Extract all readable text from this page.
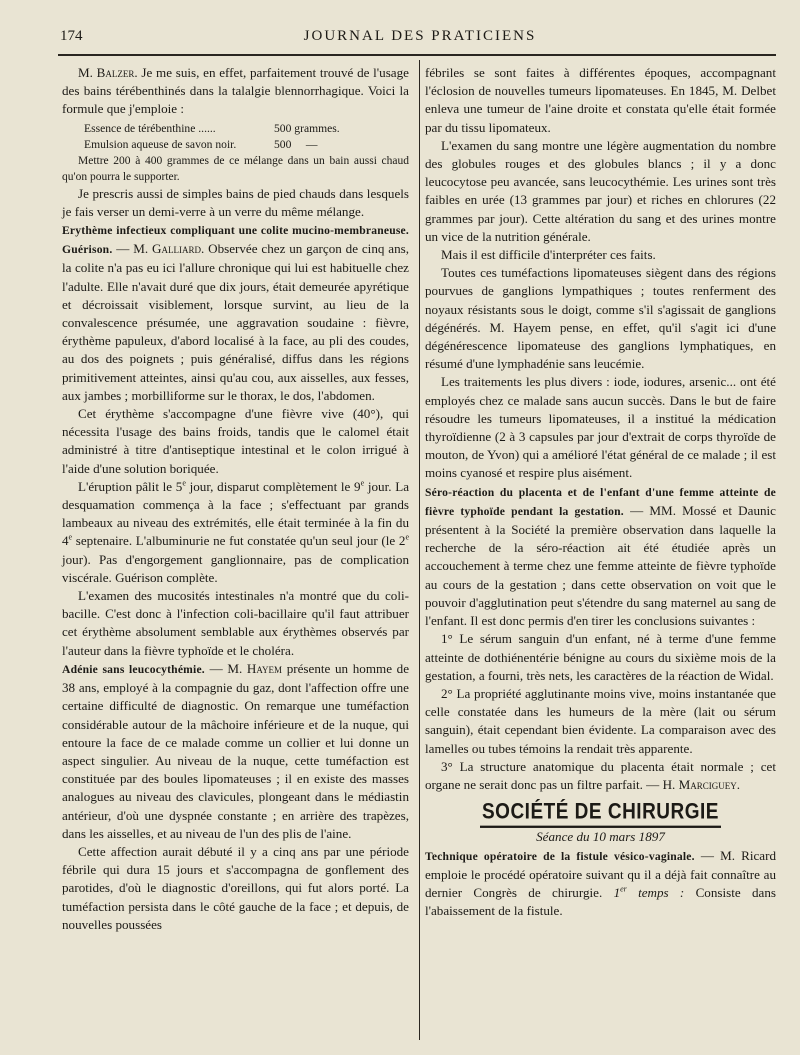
174	JOURNAL DES PRATICIENS

M. Balzer. Je me suis, en effet, parfaitement trouvé de l'usage des bains térébenthinés dans la talalgie blennorrhagique. Voici la formule que j'emploie :

Essence de térébenthine ......	500 grammes.
Emulsion aqueuse de savon noir.	500     —

Mettre 200 à 400 grammes de ce mélange dans un bain aussi chaud qu'on pourra le supporter.

Je prescris aussi de simples bains de pied chauds dans lesquels je fais verser un demi-verre à un verre du même mélange.

Erythème infectieux compliquant une colite mucino-membraneuse. Guérison. — M. Galliard. Observée chez un garçon de cinq ans, la colite n'a pas eu ici l'allure chronique qui lui est habituelle chez l'adulte. Elle n'avait duré que dix jours, était demeurée apyrétique et décroissait visiblement, lorsque survint, au lieu de la convalescence présumée, une aggravation soudaine : fièvre, érythème papuleux, d'abord localisé à la face, au pli des coudes, au dos des poignets ; puis généralisé, diffus dans les régions primitivement atteintes, ainsi qu'au cou, aux aisselles, aux fesses, aux jambes ; morbilliforme sur le thorax, le dos, l'abdomen.

Cet érythème s'accompagne d'une fièvre vive (40°), qui nécessita l'usage des bains froids, tandis que le calomel était administré à titre d'antiseptique intestinal et le colon irrigué à l'aide d'une solution boriquée.

L'éruption pâlit le 5e jour, disparut complètement le 9e jour. La desquamation commença à la face ; s'effectuant par grands lambeaux au niveau des extrémités, elle était terminée à la fin du 4e septenaire. L'albuminurie ne fut constatée qu'un seul jour (le 2e jour). Pas d'engorgement ganglionnaire, pas de complication viscérale. Guérison complète.

L'examen des mucosités intestinales n'a montré que du coli-bacille. C'est donc à l'infection coli-bacillaire qu'il faut attribuer cet érythème absolument semblable aux érythèmes observés par l'auteur dans la fièvre typhoïde et le choléra.

Adénie sans leucocythémie. — M. Hayem présente un homme de 38 ans, employé à la compagnie du gaz, dont l'affection offre une certaine difficulté de diagnostic. On remarque une tuméfaction considérable autour de la mâchoire inférieure et de la nuque, qui entoure la face de ce malade comme un collier et lui donne un aspect singulier. Au niveau de la nuque, cette tuméfaction est constituée par des boules lipomateuses ; il en existe des masses analogues au niveau des clavicules, plongeant dans le médiastin antérieur, d'où une dyspnée constante ; en arrière des trapèzes, dans les aisselles, et au niveau de l'un des plis de l'aine.

Cette affection aurait débuté il y a cinq ans par une période fébrile qui dura 15 jours et s'accompagna de gonflement des parotides, d'où le diagnostic d'oreillons, qui fut alors porté. La tuméfaction persista dans le côté gauche de la face ; et depuis, de nouvelles poussées

fébriles se sont faites à différentes époques, accompagnant l'éclosion de nouvelles tumeurs lipomateuses. En 1845, M. Delbet enleva une tumeur de l'aine droite et constata qu'elle était formée par du tissu lipomateux.

L'examen du sang montre une légère augmentation du nombre des globules rouges et des globules blancs ; il y a donc leucocytose peu avancée, sans leucocythémie. Les urines sont très faibles en urée (13 grammes par jour) et riches en chlorures (22 grammes par jour). Cette altération du sang et des urines montre un vice de la nutrition générale.

Mais il est difficile d'interpréter ces faits.

Toutes ces tuméfactions lipomateuses siègent dans des régions pourvues de ganglions lympathiques ; toutes renferment des noyaux résistants sous le doigt, comme s'il s'agissait de ganglions dégénérés. M. Hayem pense, en effet, qu'il s'agit ici d'une dégénérescence lipomateuse des ganglions lymphatiques, en résumé d'une lymphadénie sans leucémie.

Les traitements les plus divers : iode, iodures, arsenic... ont été employés chez ce malade sans aucun succès. Dans le but de faire résoudre les tumeurs lipomateuses, il a institué la médication thyroïdienne (2 à 3 capsules par jour d'extrait de corps thyroïde de mouton, de Yvon) qui a amélioré l'état général de ce malade ; il est moins cyanosé et respire plus aisément.

Séro-réaction du placenta et de l'enfant d'une femme atteinte de fièvre typhoïde pendant la gestation. — MM. Mossé et Daunic présentent à la Société la première observation dans laquelle la recherche de la séro-réaction ait été étudiée après un accouchement à terme chez une femme atteinte de fièvre typhoïde au cours de la gestation ; dans cette observation on voit que le pouvoir d'agglutination peut s'étendre du sang maternel au sang de l'enfant. Il est donc permis d'en tirer les conclusions suivantes :

1° Le sérum sanguin d'un enfant, né à terme d'une femme atteinte de dothiénentérie bénigne au cours du sixième mois de la gestation, a fourni, très nets, les caractères de la réaction de Widal.

2° La propriété agglutinante moins vive, moins instantanée que celle constatée dans les humeurs de la mère (lait ou sérum sanguin), était cependant bien évidente. La comparaison avec des lamelles ou tubes témoins la rendait très apparente.

3° La structure anatomique du placenta était normale ; cet organe ne serait donc pas un filtre parfait. — H. Marciguey.

SOCIÉTÉ DE CHIRURGIE
Séance du 10 mars 1897

Technique opératoire de la fistule vésico-vaginale. — M. Ricard emploie le procédé opératoire suivant qu il a déjà fait connaître au dernier Congrès de chirurgie. 1er temps : Consiste dans l'abaissement de la fistule.
